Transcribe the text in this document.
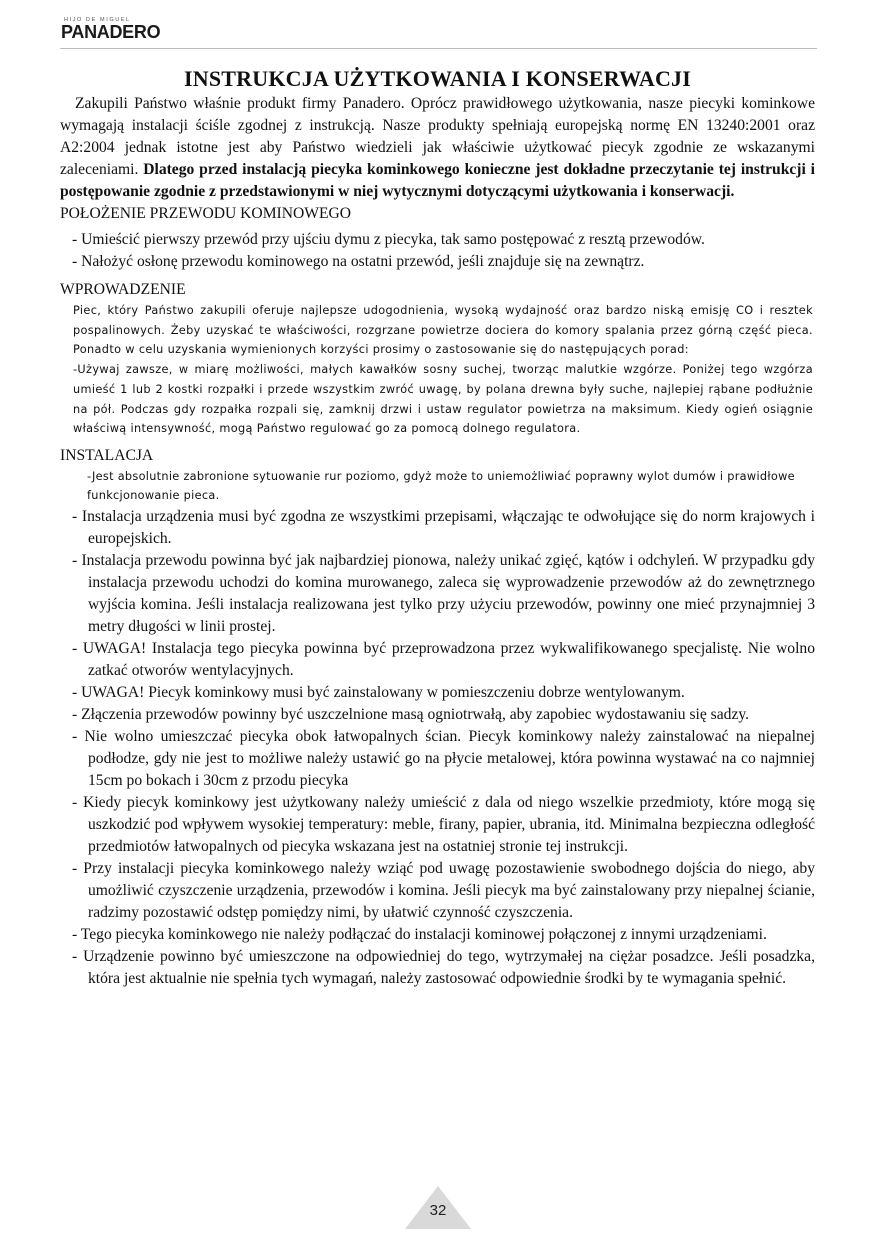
HIJO DE MIGUEL
PANADERO
INSTRUKCJA UŻYTKOWANIA I KONSERWACJI

Zakupili Państwo właśnie produkt firmy Panadero. Oprócz prawidłowego użytkowania, nasze piecyki kominkowe wymagają instalacji ściśle zgodnej z instrukcją. Nasze produkty spełniają europejską normę EN 13240:2001 oraz A2:2004 jednak istotne jest aby Państwo wiedzieli jak właściwie użytkować piecyk zgodnie ze wskazanymi zaleceniami. Dlatego przed instalacją piecyka kominkowego konieczne jest dokładne przeczytanie tej instrukcji i postępowanie zgodnie z przedstawionymi w niej wytycznymi dotyczącymi użytkowania i konserwacji.

POŁOŻENIE PRZEWODU KOMINOWEGO

- Umieścić pierwszy przewód przy ujściu dymu z piecyka, tak samo postępować z resztą przewodów.

- Nałożyć osłonę przewodu kominowego na ostatni przewód, jeśli znajduje się na zewnątrz.

WPROWADZENIE

Piec, który Państwo zakupili oferuje najlepsze udogodnienia, wysoką wydajność oraz bardzo niską emisję CO i resztek pospalinowych. Żeby uzyskać te właściwości, rozgrzane powietrze dociera do komory spalania przez górną część pieca. Ponadto w celu uzyskania wymienionych korzyści prosimy o zastosowanie się do następujących porad:

-Używaj zawsze, w miarę możliwości, małych kawałków sosny suchej, tworząc malutkie wzgórze. Poniżej tego wzgórza umieść 1 lub 2 kostki rozpałki i przede wszystkim zwróć uwagę, by polana drewna były suche, najlepiej rąbane podłużnie na pół. Podczas gdy rozpałka rozpali się, zamknij drzwi i ustaw regulator powietrza na maksimum. Kiedy ogień osiągnie właściwą intensywność, mogą Państwo regulować go za pomocą dolnego regulatora.

INSTALACJA

-Jest absolutnie zabronione sytuowanie rur poziomo, gdyż może to uniemożliwiać poprawny wylot dumów i prawidłowe funkcjonowanie pieca.

- Instalacja urządzenia musi być zgodna ze wszystkimi przepisami, włączając te odwołujące się do norm krajowych i europejskich.

- Instalacja przewodu powinna być jak najbardziej pionowa, należy unikać zgięć, kątów i odchyleń. W przypadku gdy instalacja przewodu uchodzi do komina murowanego, zaleca się wyprowadzenie przewodów aż do zewnętrznego wyjścia komina. Jeśli instalacja realizowana jest tylko przy użyciu przewodów, powinny one mieć przynajmniej 3 metry długości w linii prostej.

- UWAGA! Instalacja tego piecyka powinna być przeprowadzona przez wykwalifikowanego specjalistę. Nie wolno zatkać otworów wentylacyjnych.

- UWAGA! Piecyk kominkowy musi być zainstalowany w pomieszczeniu dobrze wentylowanym.

- Złączenia przewodów powinny być uszczelnione masą ogniotrwałą, aby zapobiec wydostawaniu się sadzy.

- Nie wolno umieszczać piecyka obok łatwopalnych ścian. Piecyk kominkowy należy zainstalować na niepalnej podłodze, gdy nie jest to możliwe należy ustawić go na płycie metalowej, która powinna wystawać na co najmniej 15cm po bokach i 30cm z przodu piecyka

- Kiedy piecyk kominkowy jest użytkowany należy umieścić z dala od niego wszelkie przedmioty, które mogą się uszkodzić pod wpływem wysokiej temperatury: meble, firany, papier, ubrania, itd. Minimalna bezpieczna odległość przedmiotów łatwopalnych od piecyka wskazana jest na ostatniej stronie tej instrukcji.

- Przy instalacji piecyka kominkowego należy wziąć pod uwagę pozostawienie swobodnego dojścia do niego, aby umożliwić czyszczenie urządzenia, przewodów i komina. Jeśli piecyk ma być zainstalowany przy niepalnej ścianie, radzimy pozostawić odstęp pomiędzy nimi, by ułatwić czynność czyszczenia.

- Tego piecyka kominkowego nie należy podłączać do instalacji kominowej połączonej z innymi urządzeniami.

- Urządzenie powinno być umieszczone na odpowiedniej do tego, wytrzymałej na ciężar posadzce. Jeśli posadzka, która jest aktualnie nie spełnia tych wymagań, należy zastosować odpowiednie środki by te wymagania spełnić.

32
